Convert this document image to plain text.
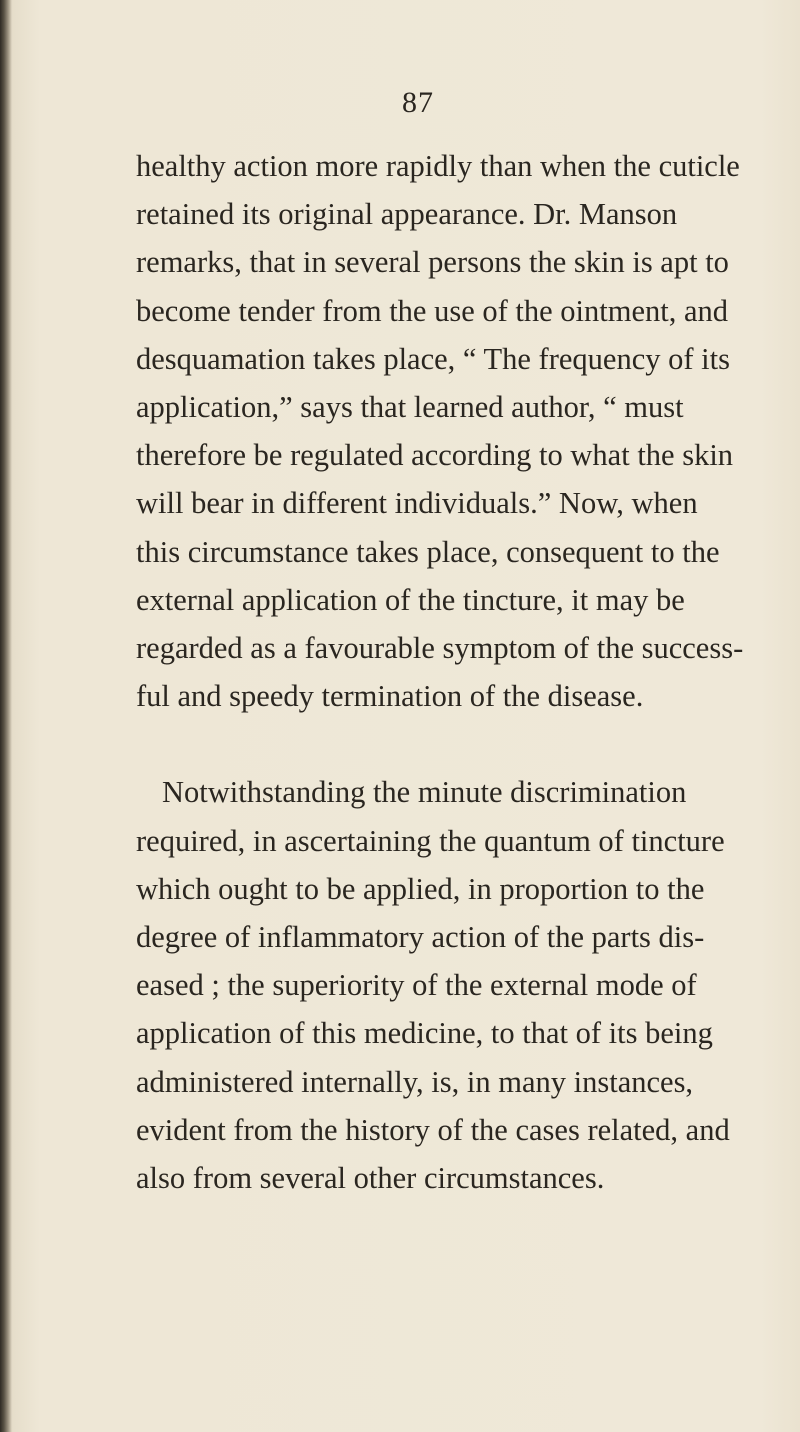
87
healthy action more rapidly than when the cuticle
retained its original appearance. Dr. Manson
remarks, that in several persons the skin is apt to
become tender from the use of the ointment, and
desquamation takes place, “ The frequency of its
application,” says that learned author, “ must
therefore be regulated according to what the skin
will bear in different individuals.” Now, when
this circumstance takes place, consequent to the
external application of the tincture, it may be
regarded as a favourable symptom of the success-
ful and speedy termination of the disease.
Notwithstanding the minute discrimination
required, in ascertaining the quantum of tincture
which ought to be applied, in proportion to the
degree of inflammatory action of the parts dis-
eased ; the superiority of the external mode of
application of this medicine, to that of its being
administered internally, is, in many instances,
evident from the history of the cases related, and
also from several other circumstances.
